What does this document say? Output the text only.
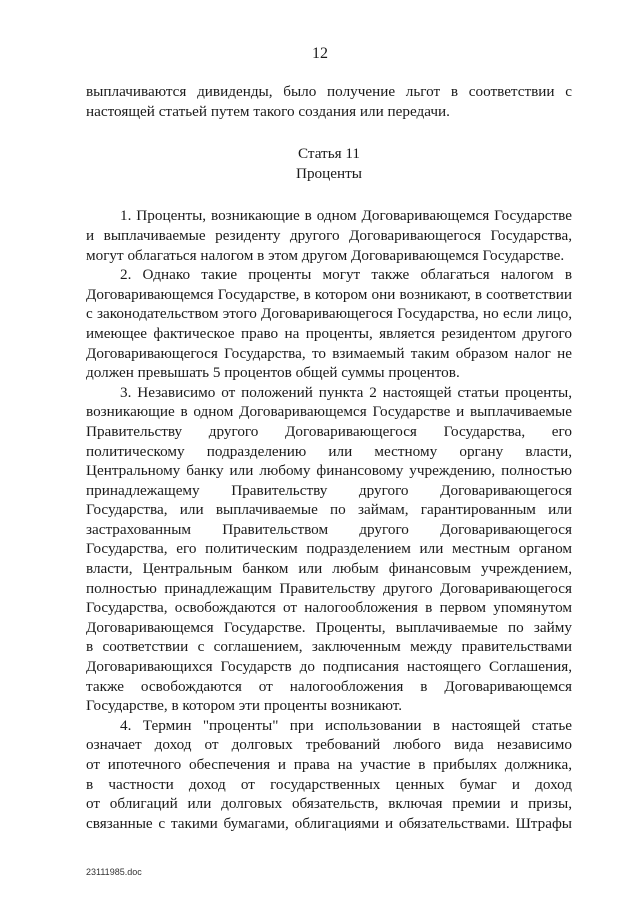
12
выплачиваются дивиденды, было получение льгот в соответствии с
настоящей статьей путем такого создания или передачи.
Статья 11
Проценты
1. Проценты, возникающие в одном Договаривающемся Государстве
и выплачиваемые резиденту другого Договаривающегося Государства,
могут облагаться налогом в этом другом Договаривающемся Государстве.
2. Однако такие проценты могут также облагаться налогом в
Договаривающемся Государстве, в котором они возникают, в соответствии
с законодательством этого Договаривающегося Государства, но если лицо,
имеющее фактическое право на проценты, является резидентом другого
Договаривающегося Государства, то взимаемый таким образом налог не
должен превышать 5 процентов общей суммы процентов.
3. Независимо от положений пункта 2 настоящей статьи проценты,
возникающие в одном Договаривающемся Государстве и выплачиваемые
Правительству другого Договаривающегося Государства, его
политическому подразделению или местному органу власти,
Центральному банку или любому финансовому учреждению, полностью
принадлежащему Правительству другого Договаривающегося
Государства, или выплачиваемые по займам, гарантированным или
застрахованным Правительством другого Договаривающегося
Государства, его политическим подразделением или местным органом
власти, Центральным банком или любым финансовым учреждением,
полностью принадлежащим Правительству другого Договаривающегося
Государства, освобождаются от налогообложения в первом упомянутом
Договаривающемся Государстве. Проценты, выплачиваемые по займу
в соответствии с соглашением, заключенным между правительствами
Договаривающихся Государств до подписания настоящего Соглашения,
также освобождаются от налогообложения в Договаривающемся
Государстве, в котором эти проценты возникают.
4. Термин "проценты" при использовании в настоящей статье
означает доход от долговых требований любого вида независимо
от ипотечного обеспечения и права на участие в прибылях должника,
в частности доход от государственных ценных бумаг и доход
от облигаций или долговых обязательств, включая премии и призы,
связанные с такими бумагами, облигациями и обязательствами. Штрафы
23111985.doc
